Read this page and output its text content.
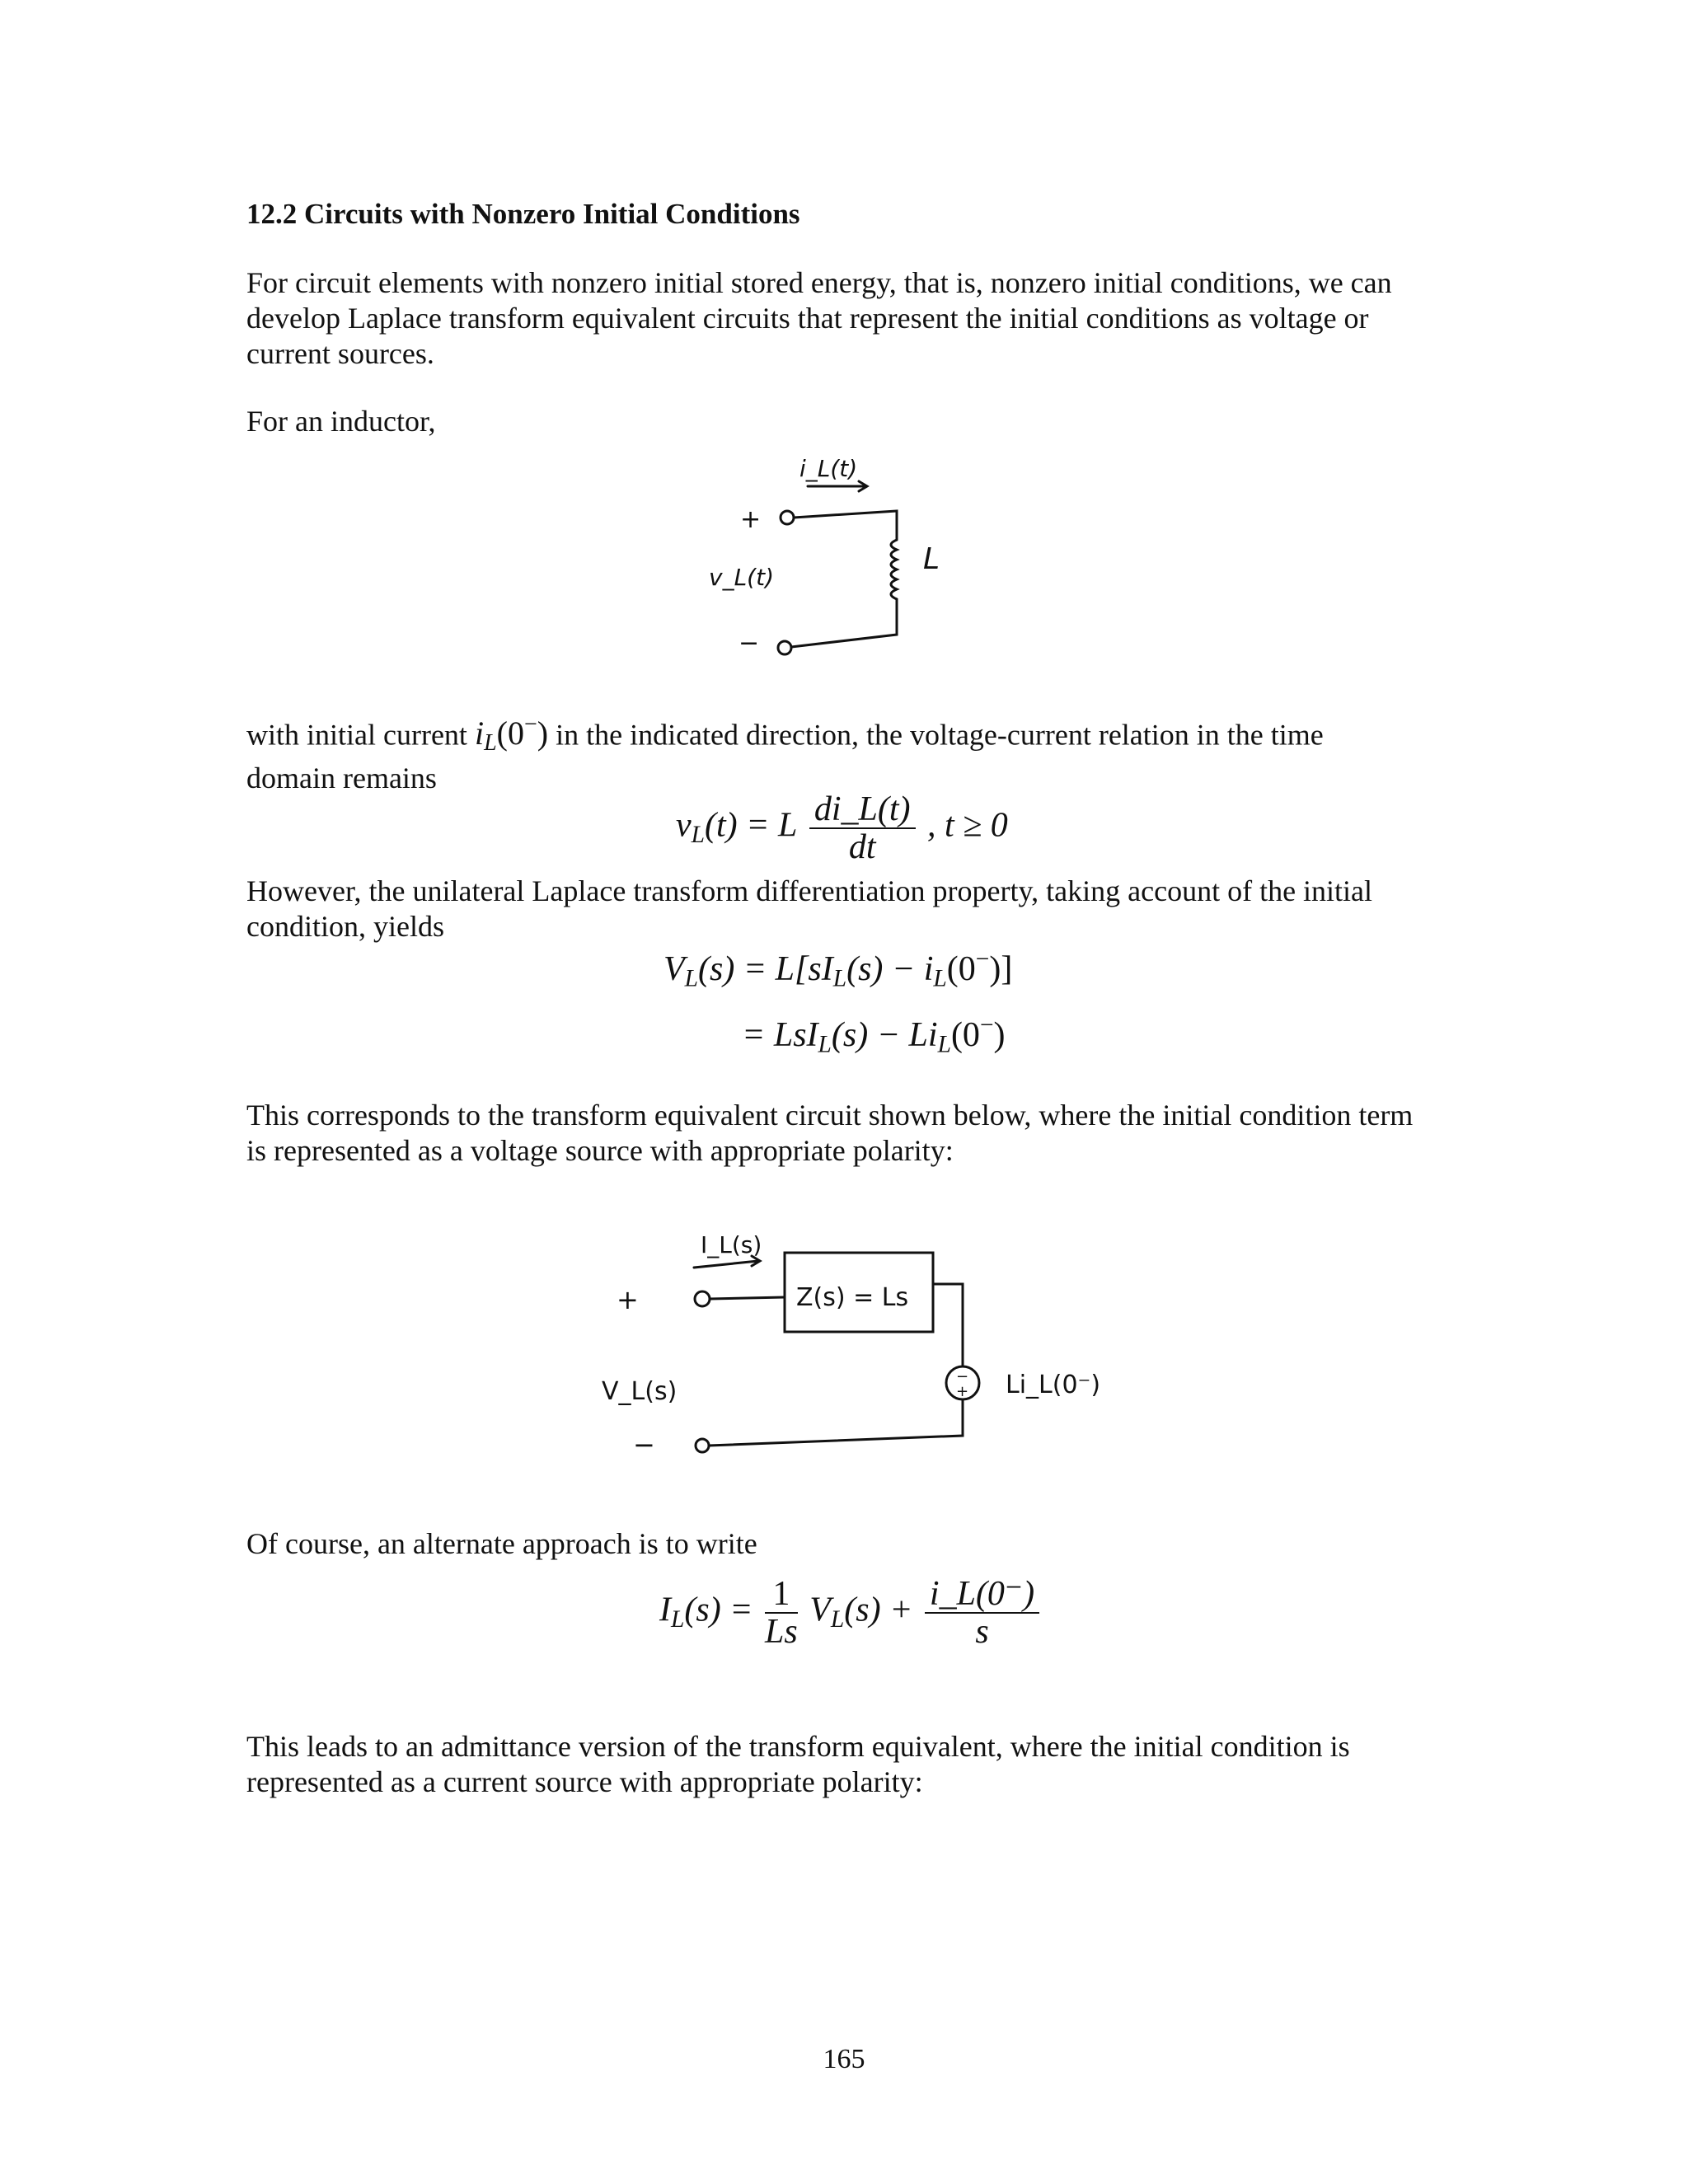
12.2 Circuits with Nonzero Initial Conditions
For circuit elements with nonzero initial stored energy, that is, nonzero initial conditions, we can develop Laplace transform equivalent circuits that represent the initial conditions as voltage or current sources.
For an inductor,
i_L(t)
+
L
v_L(t)
−
with initial current $i_L(0^-)$ in the indicated direction, the voltage-current relation in the time
domain remains
$v_L(t) = L \frac{di\_L(t)}{dt}$ , t ≥ 0
However, the unilateral Laplace transform differentiation property, taking account of the initial condition, yields
$V_L(s) = L[sI_L(s) - i_L(0^-)]$
= $LsI_L(s) - Li_L(0^-)$
This corresponds to the transform equivalent circuit shown below, where the initial condition term is represented as a voltage source with appropriate polarity:
I_L(s)
+	Z(s) = Ls
−
+ Li_L(0⁻)
V_L(s)
−
Of course, an alternate approach is to write
$I_L(s) = \frac{1}{Ls} V_L(s) + \frac{i\_L(0^-)}{s}$
This leads to an admittance version of the transform equivalent, where the initial condition is represented as a current source with appropriate polarity:
165
